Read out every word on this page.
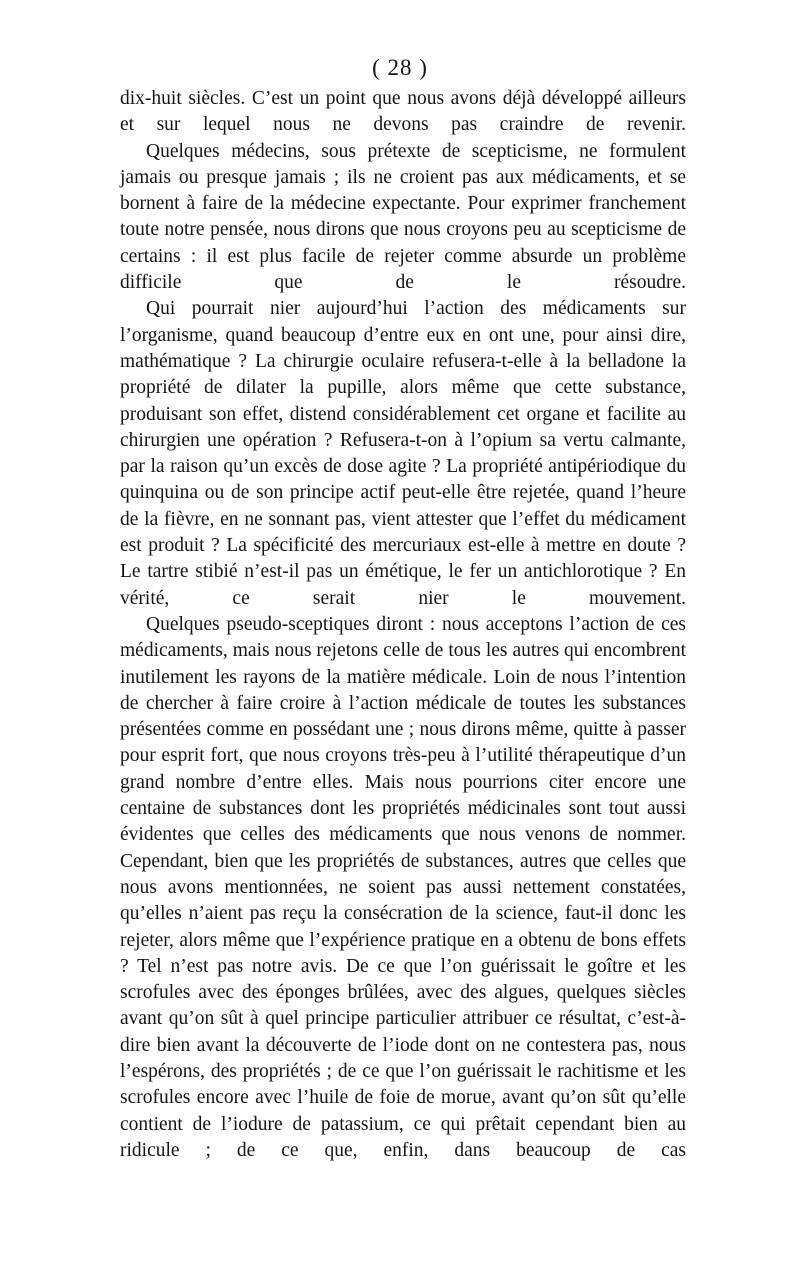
( 28 )

dix-huit siècles. C’est un point que nous avons déjà développé ailleurs et sur lequel nous ne devons pas craindre de revenir.

Quelques médecins, sous prétexte de scepticisme, ne formulent jamais ou presque jamais ; ils ne croient pas aux médicaments, et se bornent à faire de la médecine expectante. Pour exprimer franchement toute notre pensée, nous dirons que nous croyons peu au scepticisme de certains : il est plus facile de rejeter comme absurde un problème difficile que de le résoudre.

Qui pourrait nier aujourd’hui l’action des médicaments sur l’organisme, quand beaucoup d’entre eux en ont une, pour ainsi dire, mathématique ? La chirurgie oculaire refusera-t-elle à la belladone la propriété de dilater la pupille, alors même que cette substance, produisant son effet, distend considérablement cet organe et facilite au chirurgien une opération ? Refusera-t-on à l’opium sa vertu calmante, par la raison qu’un excès de dose agite ? La propriété antipériodique du quinquina ou de son principe actif peut-elle être rejetée, quand l’heure de la fièvre, en ne sonnant pas, vient attester que l’effet du médicament est produit ? La spécificité des mercuriaux est-elle à mettre en doute ? Le tartre stibié n’est-il pas un émétique, le fer un antichlorotique ? En vérité, ce serait nier le mouvement.

Quelques pseudo-sceptiques diront : nous acceptons l’action de ces médicaments, mais nous rejetons celle de tous les autres qui encombrent inutilement les rayons de la matière médicale. Loin de nous l’intention de chercher à faire croire à l’action médicale de toutes les substances présentées comme en possédant une ; nous dirons même, quitte à passer pour esprit fort, que nous croyons très-peu à l’utilité thérapeutique d’un grand nombre d’entre elles. Mais nous pourrions citer encore une centaine de substances dont les propriétés médicinales sont tout aussi évidentes que celles des médicaments que nous venons de nommer. Cependant, bien que les propriétés de substances, autres que celles que nous avons mentionnées, ne soient pas aussi nettement constatées, qu’elles n’aient pas reçu la consécration de la science, faut-il donc les rejeter, alors même que l’expérience pratique en a obtenu de bons effets ? Tel n’est pas notre avis. De ce que l’on guérissait le goître et les scrofules avec des éponges brûlées, avec des algues, quelques siècles avant qu’on sût à quel principe particulier attribuer ce résultat, c’est-à-dire bien avant la découverte de l’iode dont on ne contestera pas, nous l’espérons, des propriétés ; de ce que l’on guérissait le rachitisme et les scrofules encore avec l’huile de foie de morue, avant qu’on sût qu’elle contient de l’iodure de patassium, ce qui prêtait cependant bien au ridicule ; de ce que, enfin, dans beaucoup de cas
